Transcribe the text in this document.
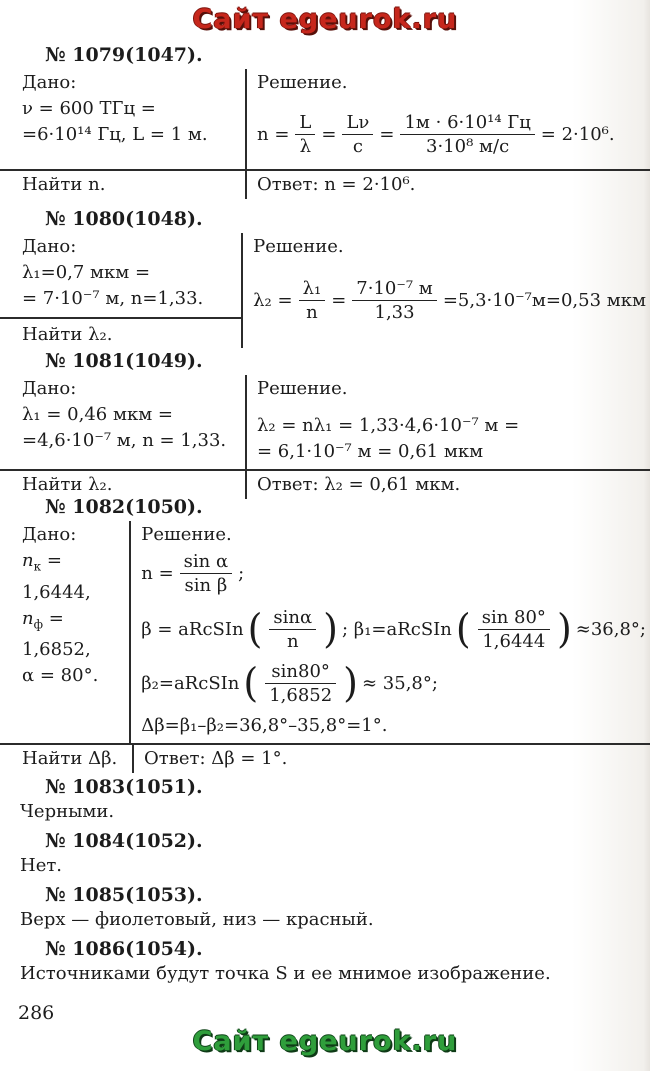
Сайт egeurok.ru
№ 1079(1047).
Дано:
ν = 600 ТГц =
=6·10¹⁴ Гц, L = 1 м.
Решение.
$n = \frac{L}{\lambda} = \frac{L\nu}{c} = \frac{\text{1м · 6·10¹⁴ Гц}}{\text{3·10⁸ м/с}} = 2\cdot 10^6$.
Найти n.	Ответ: n = 2·10⁶.
№ 1080(1048).
Дано:
λ₁=0,7 мкм =
= 7·10⁻⁷ м, n=1,33.
Найти λ₂.
Решение.
$\lambda_2 = \frac{\text{λ₁}}{n} = \frac{\text{7·10⁻⁷ м}}{1,33} =5,3\cdot 10^{-7}м=0,53$ мкм
№ 1081(1049).
Дано:
λ₁ = 0,46 мкм =
=4,6·10⁻⁷ м, n = 1,33.
Решение.
λ₂ = nλ₁ = 1,33·4,6·10⁻⁷ м =
= 6,1·10⁻⁷ м = 0,61 мкм
Найти λ₂.	Ответ: λ₂ = 0,61 мкм.
№ 1082(1050).
Дано:
$n_к = 1,6444$,
$n_ф = 1,6852$,
α = 80°.
Решение.
$n = \frac{\text{sin α}}{\text{sin β}}$ ;
β = аRcSIn ( $\frac{\sin\alpha}{n}$ ) ; β₁=аRcSIn ( $\frac{\sin 80^\circ}{1,6444}$ ) ≈36,8°;
β₂=аRcSIn ( $\frac{\sin 80^\circ}{1,6852}$ ) ≈ 35,8°;
Δβ=β₁–β₂=36,8°–35,8°=1°.
Найти Δβ.	Ответ: Δβ = 1°.
№ 1083(1051).
Черными.
№ 1084(1052).
Нет.
№ 1085(1053).
Верх — фиолетовый, низ — красный.
№ 1086(1054).
Источниками будут точка S и ее мнимое изображение.
286
Сайт egeurok.ru
